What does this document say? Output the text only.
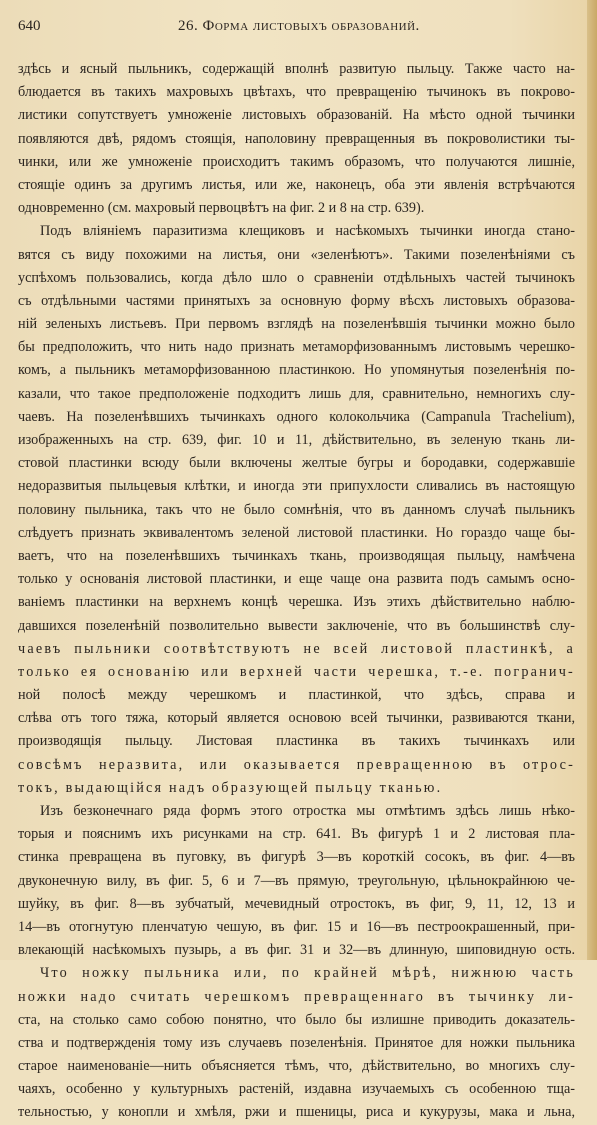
640	26. Форма листовыхъ образований.
здѣсь и ясный пыльникъ, содержащій вполнѣ развитую пыльцу. Также часто на-
блюдается въ такихъ махровыхъ цвѣтахъ, что превращенію тычинокъ въ покрово-
листики сопутствуетъ умноженіе листовыхъ образованій. На мѣсто одной тычинки
появляются двѣ, рядомъ стоящія, наполовину превращенныя въ покроволистики ты-
чинки, или же умноженіе происходитъ такимъ образомъ, что получаются лишніе,
стоящіе одинъ за другимъ листья, или же, наконецъ, оба эти явленія встрѣчаются
одновременно (см. махровый первоцвѣтъ на фиг. 2 и 8 на стр. 639).
Подъ вліяніемъ паразитизма клещиковъ и насѣкомыхъ тычинки иногда стано-
вятся съ виду похожими на листья, они «зеленѣютъ». Такими позеленѣніями съ
успѣхомъ пользовались, когда дѣло шло о сравненіи отдѣльныхъ частей тычинокъ
съ отдѣльными частями принятыхъ за основную форму вѣсхъ листовыхъ образова-
ній зеленыхъ листьевъ. При первомъ взглядѣ на позеленѣвшія тычинки можно было
бы предположить, что нить надо признать метаморфизованнымъ листовымъ черешко-
комъ, а пыльникъ метаморфизованною пластинкою. Но упомянутыя позеленѣнія по-
казали, что такое предположеніе подходитъ лишь для, сравнительно, немногихъ слу-
чаевъ. На позеленѣвшихъ тычинкахъ одного колокольчика (Campanula Trachelium),
изображенныхъ на стр. 639, фиг. 10 и 11, дѣйствительно, въ зеленую ткань ли-
стовой пластинки всюду были включены желтые бугры и бородавки, содержавшіе
недоразвитыя пыльцевыя клѣтки, и иногда эти припухлости сливались въ настоящую
половину пыльника, такъ что не было сомнѣнія, что въ данномъ случаѣ пыльникъ
слѣдуетъ признать эквивалентомъ зеленой листовой пластинки. Но гораздо чаще бы-
ваетъ, что на позеленѣвшихъ тычинкахъ ткань, производящая пыльцу, намѣчена
только у основанія листовой пластинки, и еще чаще она развита подъ самымъ осно-
ваніемъ пластинки на верхнемъ концѣ черешка. Изъ этихъ дѣйствительно наблю-
давшихся позеленѣній позволительно вывести заключеніе, что въ большинствѣ слу-
чаевъ пыльники соотвѣтствуютъ не всей листовой пластинкѣ, а
только ея основанію или верхней части черешка, т.-е. погранич-
ной полосѣ между черешкомъ и пластинкой, что здѣсь, справа и
слѣва отъ того тяжа, который является основою всей тычинки, развиваются ткани,
производящія пыльцу. Листовая пластинка въ такихъ тычинкахъ или
совсѣмъ неразвита, или оказывается превращенною въ отрос-
токъ, выдающійся надъ образующей пыльцу тканью.
Изъ безконечнаго ряда формъ этого отростка мы отмѣтимъ здѣсь лишь нѣко-
торыя и пояснимъ ихъ рисунками на стр. 641. Въ фигурѣ 1 и 2 листовая пла-
стинка превращена въ пуговку, въ фигурѣ 3—въ короткій сосокъ, въ фиг. 4—въ
двуконечную вилу, въ фиг. 5, 6 и 7—въ прямую, треугольную, цѣльнокрайнюю че-
шуйку, въ фиг. 8—въ зубчатый, мечевидный отростокъ, въ фиг, 9, 11, 12, 13 и
14—въ отогнутую пленчатую чешую, въ фиг. 15 и 16—въ пестроокрашенный, при-
влекающій насѣкомыхъ пузырь, а въ фиг. 31 и 32—въ длинную, шиповидную ость.
Что ножку пыльника или, по крайней мѣрѣ, нижнюю часть
ножки надо считать черешкомъ превращеннаго въ тычинку ли-
ста, на столько само собою понятно, что было бы излишне приводить доказатель-
ства и подтвержденія тому изъ случаевъ позеленѣнія. Принятое для ножки пыльника
старое наименованіе—нить объясняется тѣмъ, что, дѣйствительно, во многихъ слу-
чаяхъ, особенно у культурныхъ растеній, издавна изучаемыхъ съ особенною тща-
тельностью, у конопли и хмѣля, ржи и пшеницы, риса и кукурузы, мака и льна,
